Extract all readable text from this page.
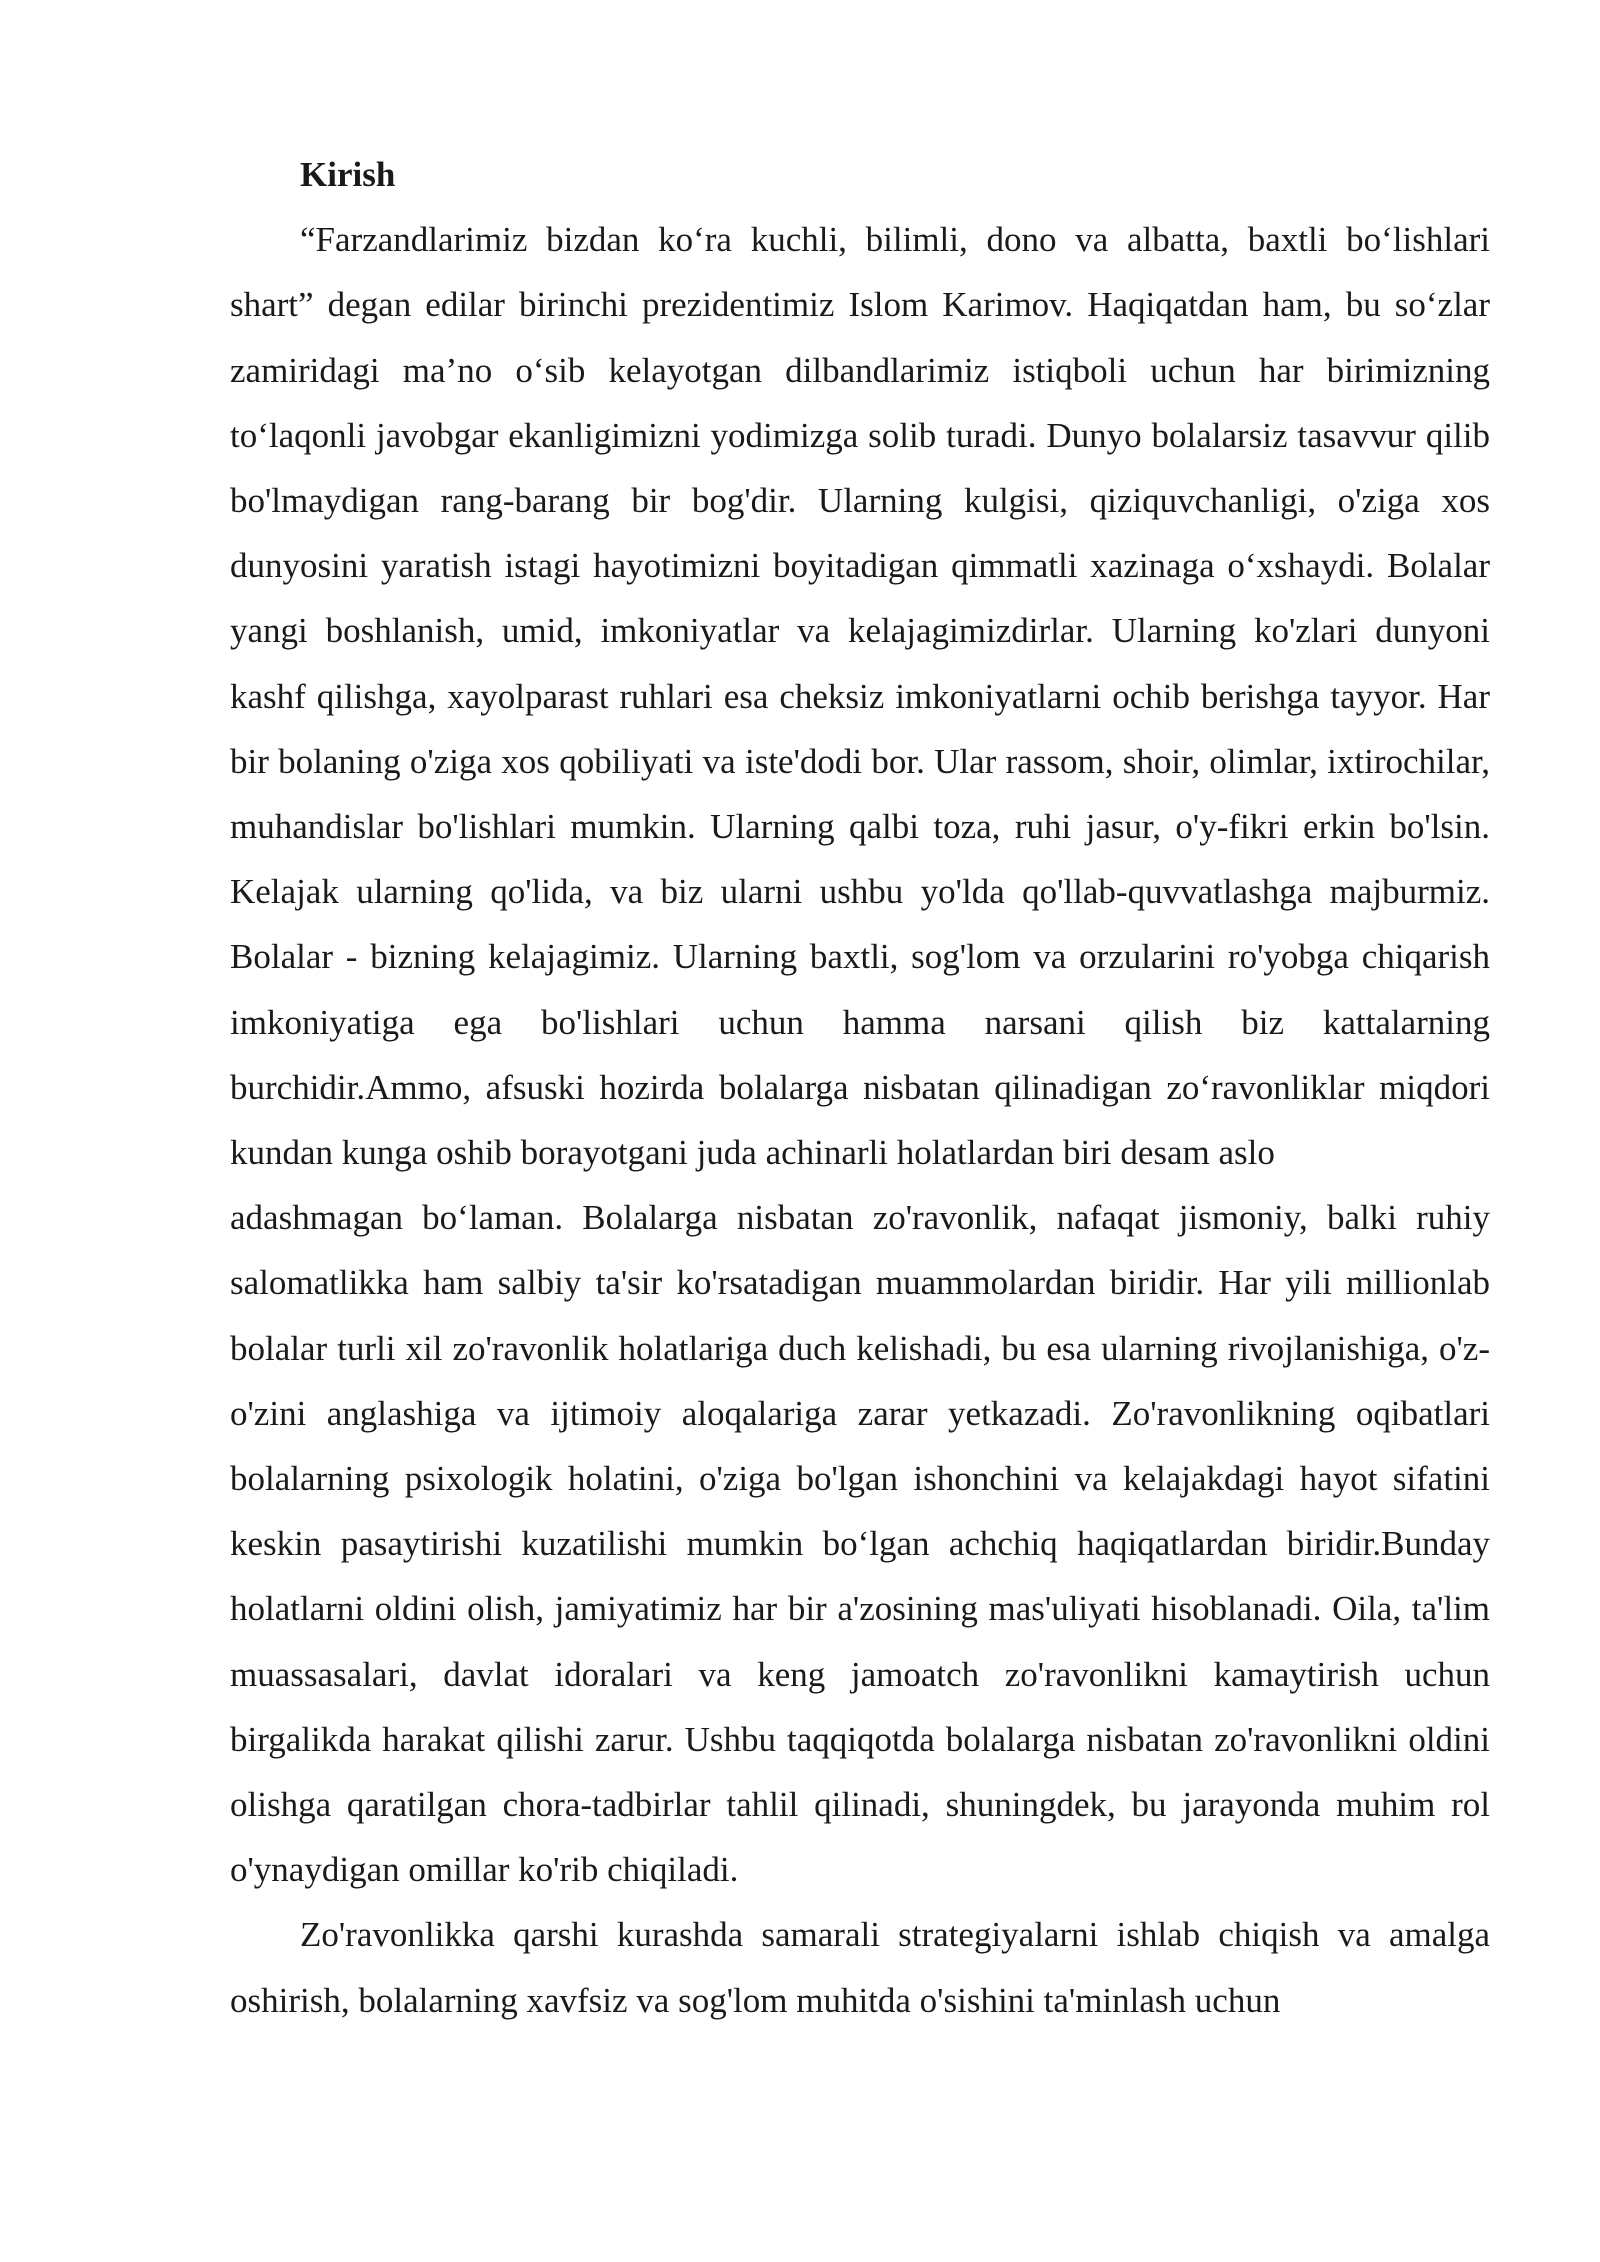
Kirish

“Farzandlarimiz bizdan ko‘ra kuchli, bilimli, dono va albatta, baxtli bo‘lishlari shart” degan edilar birinchi prezidentimiz Islom Karimov. Haqiqatdan ham, bu so‘zlar zamiridagi ma’no o‘sib kelayotgan dilbandlarimiz istiqboli uchun har birimizning to‘laqonli javobgar ekanligimizni yodimizga solib turadi. Dunyo bolalarsiz tasavvur qilib bo'lmaydigan rang-barang bir bog'dir. Ularning kulgisi, qiziquvchanligi, o'ziga xos dunyosini yaratish istagi hayotimizni boyitadigan qimmatli xazinaga o‘xshaydi. Bolalar yangi boshlanish, umid, imkoniyatlar va kelajagimizdirlar. Ularning ko'zlari dunyoni kashf qilishga, xayolparast ruhlari esa cheksiz imkoniyatlarni ochib berishga tayyor. Har bir bolaning o'ziga xos qobiliyati va iste'dodi bor. Ular rassom, shoir, olimlar, ixtirochilar, muhandislar bo'lishlari mumkin. Ularning qalbi toza, ruhi jasur, o'y-fikri erkin bo'lsin. Kelajak ularning qo'lida, va biz ularni ushbu yo'lda qo'llab-quvvatlashga majburmiz. Bolalar - bizning kelajagimiz. Ularning baxtli, sog'lom va orzularini ro'yobga chiqarish imkoniyatiga ega bo'lishlari uchun hamma narsani qilish biz kattalarning burchidir.Ammo, afsuski hozirda bolalarga nisbatan qilinadigan zo‘ravonliklar miqdori kundan kunga oshib borayotgani juda achinarli holatlardan biri desam aslo

adashmagan bo‘laman. Bolalarga nisbatan zo'ravonlik, nafaqat jismoniy, balki ruhiy salomatlikka ham salbiy ta'sir ko'rsatadigan muammolardan biridir. Har yili millionlab bolalar turli xil zo'ravonlik holatlariga duch kelishadi, bu esa ularning rivojlanishiga, o'z-o'zini anglashiga va ijtimoiy aloqalariga zarar yetkazadi. Zo'ravonlikning oqibatlari bolalarning psixologik holatini, o'ziga bo'lgan ishonchini va kelajakdagi hayot sifatini keskin pasaytirishi kuzatilishi mumkin bo‘lgan achchiq haqiqatlardan biridir.Bunday holatlarni oldini olish, jamiyatimiz har bir a'zosining mas'uliyati hisoblanadi. Oila, ta'lim muassasalari, davlat idoralari va keng jamoatch zo'ravonlikni kamaytirish uchun birgalikda harakat qilishi zarur. Ushbu taqqiqotda bolalarga nisbatan zo'ravonlikni oldini olishga qaratilgan chora-tadbirlar tahlil qilinadi, shuningdek, bu jarayonda muhim rol o'ynaydigan omillar ko'rib chiqiladi.

Zo'ravonlikka qarshi kurashda samarali strategiyalarni ishlab chiqish va amalga oshirish, bolalarning xavfsiz va sog'lom muhitda o'sishini ta'minlash uchun
